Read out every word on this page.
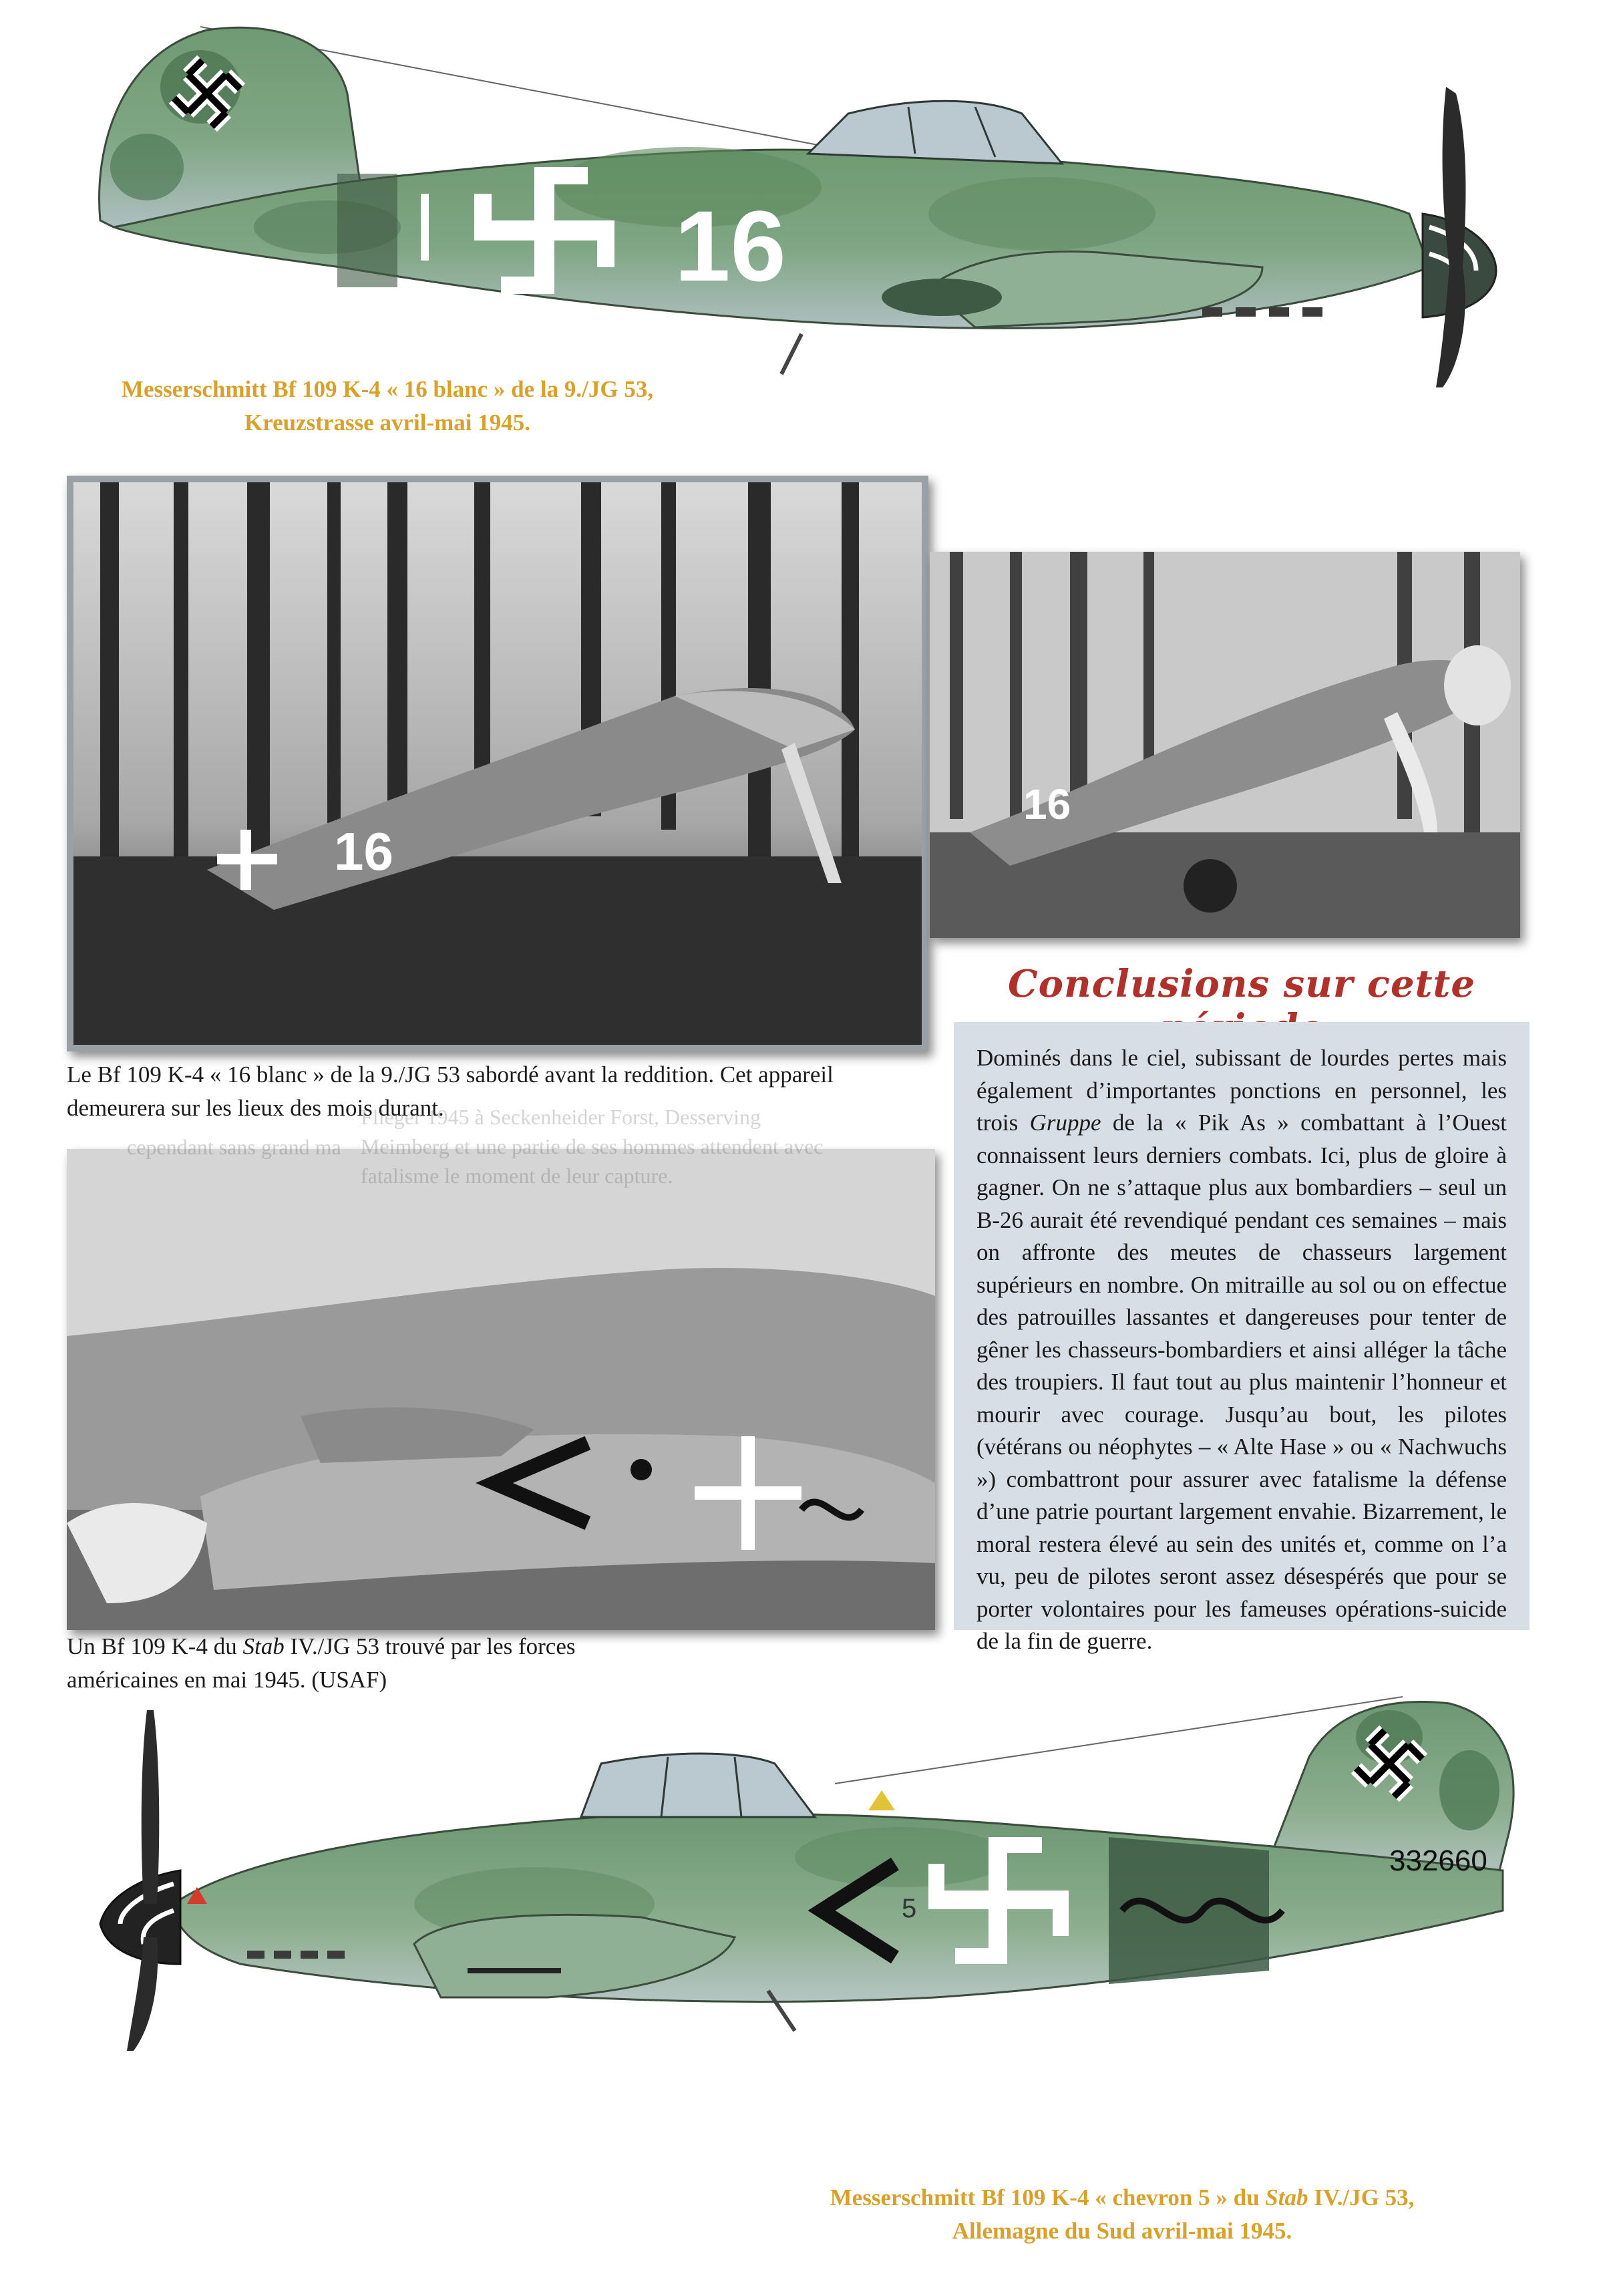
16
Messerschmitt Bf 109 K-4 « 16 blanc » de la 9./JG 53,
Kreuzstrasse avril-mai 1945.
16
Le Bf 109 K-4 « 16 blanc » de la 9./JG 53 sabordé avant la reddition. Cet appareil
demeurera sur les lieux des mois durant.
16
Flieger 1945 à Seckenheider Forst, Desserving
Meimberg et une partie de ses hommes attendent avec
fatalisme le moment de leur capture.
cependant sans grand ma
Un Bf 109 K-4 du Stab IV./JG 53 trouvé par les forces
américaines en mai 1945. (USAF)
Conclusions sur cette

Dominés dans le ciel, subissant de lourdes pertes mais également d’importantes ponctions en personnel, les trois Gruppe de la « Pik As » combattant à l’Ouest connaissent leurs derniers combats. Ici, plus de gloire à gagner. On ne s’attaque plus aux bombardiers – seul un B-26 aurait été revendiqué pendant ces semaines – mais on affronte des meutes de chasseurs largement supérieurs en nombre. On mitraille au sol ou on effectue des patrouilles lassantes et dangereuses pour tenter de gêner les chasseurs-bombardiers et ainsi alléger la tâche des troupiers. Il faut tout au plus maintenir l’honneur et mourir avec courage. Jusqu’au bout, les pilotes (vétérans ou néophytes – « Alte Hase » ou « Nachwuchs ») combattront pour assurer avec fatalisme la défense d’une patrie pourtant largement envahie. Bizarrement, le moral restera élevé au sein des unités et, comme on l’a vu, peu de pilotes seront assez désespérés que pour se porter volontaires pour les fameuses opérations-suicide de la fin de guerre.

332660
5
Messerschmitt Bf 109 K-4 « chevron 5 » du Stab IV./JG 53,
Allemagne du Sud avril-mai 1945.
